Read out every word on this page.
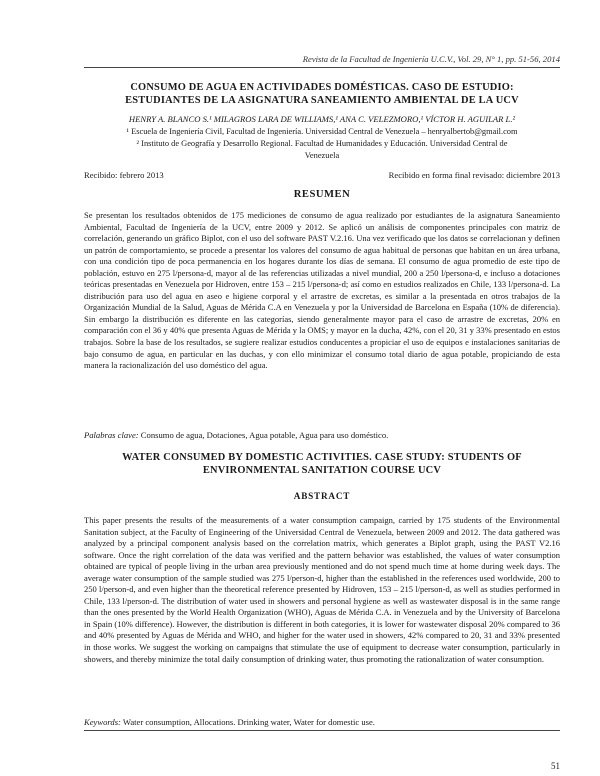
Revista de la Facultad de Ingeniería U.C.V., Vol. 29, N° 1, pp. 51-56, 2014
CONSUMO DE AGUA EN ACTIVIDADES DOMÉSTICAS. CASO DE ESTUDIO:
ESTUDIANTES DE LA ASIGNATURA SANEAMIENTO AMBIENTAL DE LA UCV
HENRY A. BLANCO S.¹ MILAGROS LARA DE WILLIAMS,¹ ANA C. VELEZMORO,¹ VÍCTOR H. AGUILAR L.²
¹ Escuela de Ingeniería Civil, Facultad de Ingeniería. Universidad Central de Venezuela – henryalbertob@gmail.com
² Instituto de Geografía y Desarrollo Regional. Facultad de Humanidades y Educación. Universidad Central de
Venezuela
Recibido: febrero 2013	Recibido en forma final revisado: diciembre 2013
RESUMEN
Se presentan los resultados obtenidos de 175 mediciones de consumo de agua realizado por estudiantes de la asignatura Saneamiento Ambiental, Facultad de Ingeniería de la UCV, entre 2009 y 2012. Se aplicó un análisis de componentes principales con matriz de correlación, generando un gráfico Biplot, con el uso del software PAST V.2.16. Una vez verificado que los datos se correlacionan y definen un patrón de comportamiento, se procede a presentar los valores del consumo de agua habitual de personas que habitan en un área urbana, con una condición tipo de poca permanencia en los hogares durante los días de semana. El consumo de agua promedio de este tipo de población, estuvo en 275 l/persona-d, mayor al de las referencias utilizadas a nivel mundial, 200 a 250 l/persona-d, e incluso a dotaciones teóricas presentadas en Venezuela por Hidroven, entre 153 – 215 l/persona-d; así como en estudios realizados en Chile, 133 l/persona-d. La distribución para uso del agua en aseo e higiene corporal y el arrastre de excretas, es similar a la presentada en otros trabajos de la Organización Mundial de la Salud, Aguas de Mérida C.A en Venezuela y por la Universidad de Barcelona en España (10% de diferencia). Sin embargo la distribución es diferente en las categorías, siendo generalmente mayor para el caso de arrastre de excretas, 20% en comparación con el 36 y 40% que presenta Aguas de Mérida y la OMS; y mayor en la ducha, 42%, con el 20, 31 y 33% presentado en estos trabajos. Sobre la base de los resultados, se sugiere realizar estudios conducentes a propiciar el uso de equipos e instalaciones sanitarias de bajo consumo de agua, en particular en las duchas, y con ello minimizar el consumo total diario de agua potable, propiciando de esta manera la racionalización del uso doméstico del agua.
Palabras clave: Consumo de agua, Dotaciones, Agua potable, Agua para uso doméstico.
WATER CONSUMED BY DOMESTIC ACTIVITIES. CASE STUDY: STUDENTS OF
ENVIRONMENTAL SANITATION COURSE UCV
ABSTRACT
This paper presents the results of the measurements of a water consumption campaign, carried by 175 students of the Environmental Sanitation subject, at the Faculty of Engineering of the Universidad Central de Venezuela, between 2009 and 2012. The data gathered was analyzed by a principal component analysis based on the correlation matrix, which generates a Biplot graph, using the PAST V2.16 software. Once the right correlation of the data was verified and the pattern behavior was established, the values of water consumption obtained are typical of people living in the urban area previously mentioned and do not spend much time at home during week days. The average water consumption of the sample studied was 275 l/person-d, higher than the established in the references used worldwide, 200 to 250 l/person-d, and even higher than the theoretical reference presented by Hidroven, 153 – 215 l/person-d, as well as studies performed in Chile, 133 l/person-d. The distribution of water used in showers and personal hygiene as well as wastewater disposal is in the same range than the ones presented by the World Health Organization (WHO), Aguas de Mérida C.A. in Venezuela and by the University of Barcelona in Spain (10% difference). However, the distribution is different in both categories, it is lower for wastewater disposal 20% compared to 36 and 40% presented by Aguas de Mérida and WHO, and higher for the water used in showers, 42% compared to 20, 31 and 33% presented in those works. We suggest the working on campaigns that stimulate the use of equipment to decrease water consumption, particularly in showers, and thereby minimize the total daily consumption of drinking water, thus promoting the rationalization of water consumption.
Keywords: Water consumption, Allocations. Drinking water, Water for domestic use.
51
